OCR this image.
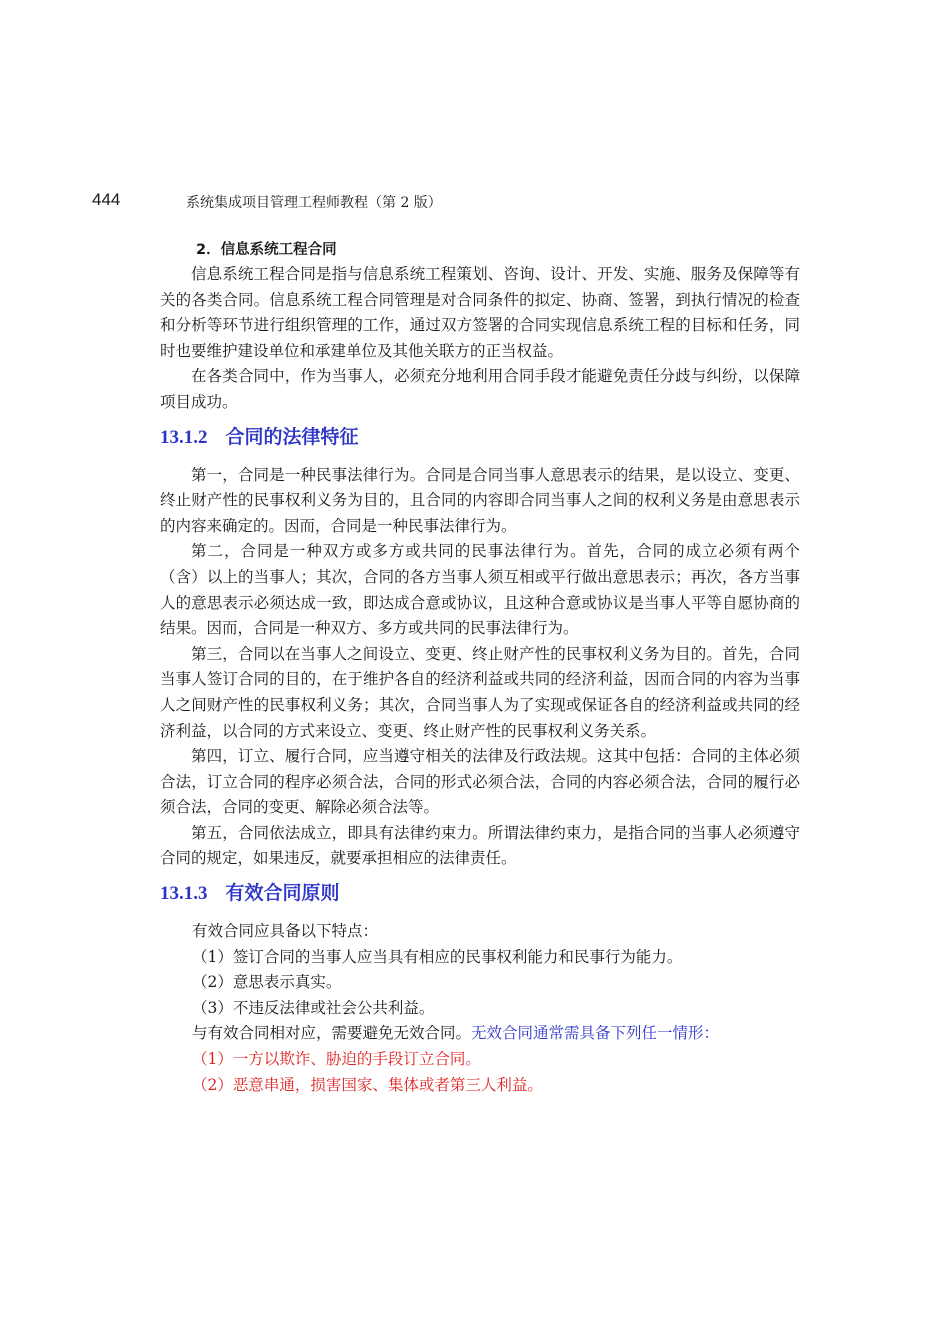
444	系统集成项目管理工程师教程（第 2 版）

2．信息系统工程合同

信息系统工程合同是指与信息系统工程策划、咨询、设计、开发、实施、服务及保障等有关的各类合同。信息系统工程合同管理是对合同条件的拟定、协商、签署，到执行情况的检查和分析等环节进行组织管理的工作，通过双方签署的合同实现信息系统工程的目标和任务，同时也要维护建设单位和承建单位及其他关联方的正当权益。

在各类合同中，作为当事人，必须充分地利用合同手段才能避免责任分歧与纠纷，以保障项目成功。

13.1.2 合同的法律特征

第一，合同是一种民事法律行为。合同是合同当事人意思表示的结果，是以设立、变更、终止财产性的民事权利义务为目的，且合同的内容即合同当事人之间的权利义务是由意思表示的内容来确定的。因而，合同是一种民事法律行为。

第二，合同是一种双方或多方或共同的民事法律行为。首先，合同的成立必须有两个（含）以上的当事人；其次，合同的各方当事人须互相或平行做出意思表示；再次，各方当事人的意思表示必须达成一致，即达成合意或协议，且这种合意或协议是当事人平等自愿协商的结果。因而，合同是一种双方、多方或共同的民事法律行为。

第三，合同以在当事人之间设立、变更、终止财产性的民事权利义务为目的。首先，合同当事人签订合同的目的，在于维护各自的经济利益或共同的经济利益，因而合同的内容为当事人之间财产性的民事权利义务；其次，合同当事人为了实现或保证各自的经济利益或共同的经济利益，以合同的方式来设立、变更、终止财产性的民事权利义务关系。

第四，订立、履行合同，应当遵守相关的法律及行政法规。这其中包括：合同的主体必须合法，订立合同的程序必须合法，合同的形式必须合法，合同的内容必须合法，合同的履行必须合法，合同的变更、解除必须合法等。

第五，合同依法成立，即具有法律约束力。所谓法律约束力，是指合同的当事人必须遵守合同的规定，如果违反，就要承担相应的法律责任。

13.1.3 有效合同原则

有效合同应具备以下特点：

（1）签订合同的当事人应当具有相应的民事权利能力和民事行为能力。

（2）意思表示真实。

（3）不违反法律或社会公共利益。

与有效合同相对应，需要避免无效合同。无效合同通常需具备下列任一情形：

（1）一方以欺诈、胁迫的手段订立合同。

（2）恶意串通，损害国家、集体或者第三人利益。
